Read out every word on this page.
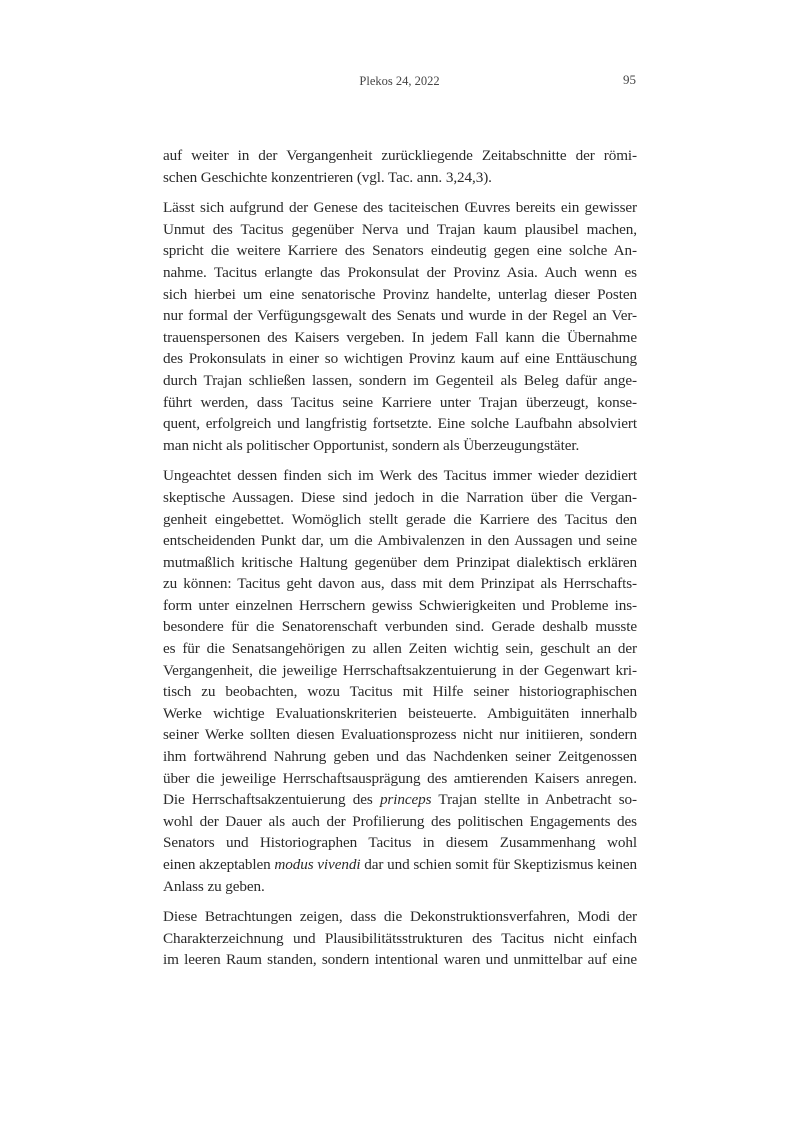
Plekos 24, 2022	95
auf weiter in der Vergangenheit zurückliegende Zeitabschnitte der römi-
schen Geschichte konzentrieren (vgl. Tac. ann. 3,24,3).
Lässt sich aufgrund der Genese des taciteischen Œuvres bereits ein gewisser
Unmut des Tacitus gegenüber Nerva und Trajan kaum plausibel machen,
spricht die weitere Karriere des Senators eindeutig gegen eine solche An-
nahme. Tacitus erlangte das Prokonsulat der Provinz Asia. Auch wenn es
sich hierbei um eine senatorische Provinz handelte, unterlag dieser Posten
nur formal der Verfügungsgewalt des Senats und wurde in der Regel an Ver-
trauenspersonen des Kaisers vergeben. In jedem Fall kann die Übernahme
des Prokonsulats in einer so wichtigen Provinz kaum auf eine Enttäuschung
durch Trajan schließen lassen, sondern im Gegenteil als Beleg dafür ange-
führt werden, dass Tacitus seine Karriere unter Trajan überzeugt, konse-
quent, erfolgreich und langfristig fortsetzte. Eine solche Laufbahn absolviert
man nicht als politischer Opportunist, sondern als Überzeugungstäter.
Ungeachtet dessen finden sich im Werk des Tacitus immer wieder dezidiert
skeptische Aussagen. Diese sind jedoch in die Narration über die Vergan-
genheit eingebettet. Womöglich stellt gerade die Karriere des Tacitus den
entscheidenden Punkt dar, um die Ambivalenzen in den Aussagen und seine
mutmaßlich kritische Haltung gegenüber dem Prinzipat dialektisch erklären
zu können: Tacitus geht davon aus, dass mit dem Prinzipat als Herrschafts-
form unter einzelnen Herrschern gewiss Schwierigkeiten und Probleme ins-
besondere für die Senatorenschaft verbunden sind. Gerade deshalb musste
es für die Senatsangehörigen zu allen Zeiten wichtig sein, geschult an der
Vergangenheit, die jeweilige Herrschaftsakzentuierung in der Gegenwart kri-
tisch zu beobachten, wozu Tacitus mit Hilfe seiner historiographischen
Werke wichtige Evaluationskriterien beisteuerte. Ambiguitäten innerhalb
seiner Werke sollten diesen Evaluationsprozess nicht nur initiieren, sondern
ihm fortwährend Nahrung geben und das Nachdenken seiner Zeitgenossen
über die jeweilige Herrschaftsausprägung des amtierenden Kaisers anregen.
Die Herrschaftsakzentuierung des princeps Trajan stellte in Anbetracht so-
wohl der Dauer als auch der Profilierung des politischen Engagements des
Senators und Historiographen Tacitus in diesem Zusammenhang wohl
einen akzeptablen modus vivendi dar und schien somit für Skeptizismus keinen
Anlass zu geben.
Diese Betrachtungen zeigen, dass die Dekonstruktionsverfahren, Modi der
Charakterzeichnung und Plausibilitätsstrukturen des Tacitus nicht einfach
im leeren Raum standen, sondern intentional waren und unmittelbar auf eine
